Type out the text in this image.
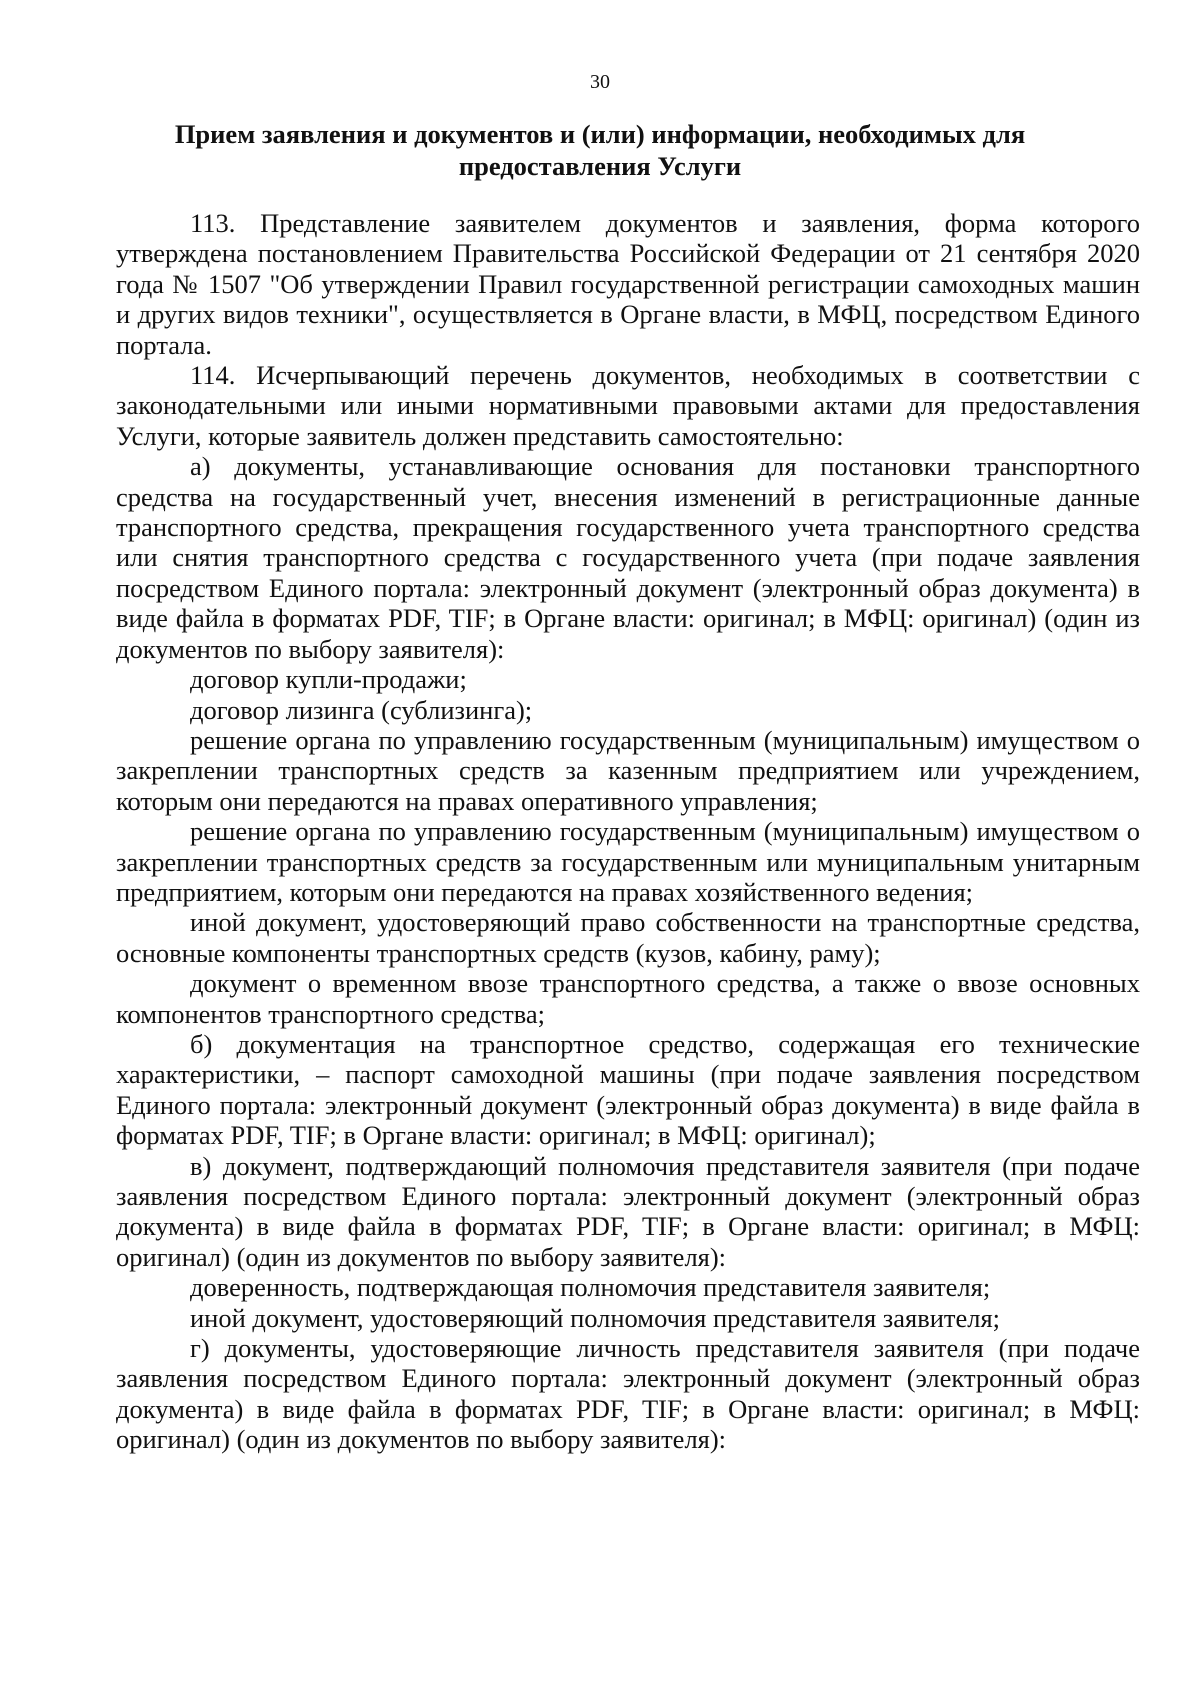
30
Прием заявления и документов и (или) информации, необходимых для предоставления Услуги

113. Представление заявителем документов и заявления, форма которого утверждена постановлением Правительства Российской Федерации от 21 сентября 2020 года № 1507 "Об утверждении Правил государственной регистрации самоходных машин и других видов техники", осуществляется в Органе власти, в МФЦ, посредством Единого портала.

114. Исчерпывающий перечень документов, необходимых в соответствии с законодательными или иными нормативными правовыми актами для предоставления Услуги, которые заявитель должен представить самостоятельно:

а) документы, устанавливающие основания для постановки транспортного средства на государственный учет, внесения изменений в регистрационные данные транспортного средства, прекращения государственного учета транспортного средства или снятия транспортного средства с государственного учета (при подаче заявления посредством Единого портала: электронный документ (электронный образ документа) в виде файла в форматах PDF, TIF; в Органе власти: оригинал; в МФЦ: оригинал) (один из документов по выбору заявителя):

договор купли-продажи;

договор лизинга (сублизинга);

решение органа по управлению государственным (муниципальным) имуществом о закреплении транспортных средств за казенным предприятием или учреждением, которым они передаются на правах оперативного управления;

решение органа по управлению государственным (муниципальным) имуществом о закреплении транспортных средств за государственным или муниципальным унитарным предприятием, которым они передаются на правах хозяйственного ведения;

иной документ, удостоверяющий право собственности на транспортные средства, основные компоненты транспортных средств (кузов, кабину, раму);

документ о временном ввозе транспортного средства, а также о ввозе основных компонентов транспортного средства;

б) документация на транспортное средство, содержащая его технические характеристики, – паспорт самоходной машины (при подаче заявления посредством Единого портала: электронный документ (электронный образ документа) в виде файла в форматах PDF, TIF; в Органе власти: оригинал; в МФЦ: оригинал);

в) документ, подтверждающий полномочия представителя заявителя (при подаче заявления посредством Единого портала: электронный документ (электронный образ документа) в виде файла в форматах PDF, TIF; в Органе власти: оригинал; в МФЦ: оригинал) (один из документов по выбору заявителя):

доверенность, подтверждающая полномочия представителя заявителя;

иной документ, удостоверяющий полномочия представителя заявителя;

г) документы, удостоверяющие личность представителя заявителя (при подаче заявления посредством Единого портала: электронный документ (электронный образ документа) в виде файла в форматах PDF, TIF; в Органе власти: оригинал; в МФЦ: оригинал) (один из документов по выбору заявителя):
